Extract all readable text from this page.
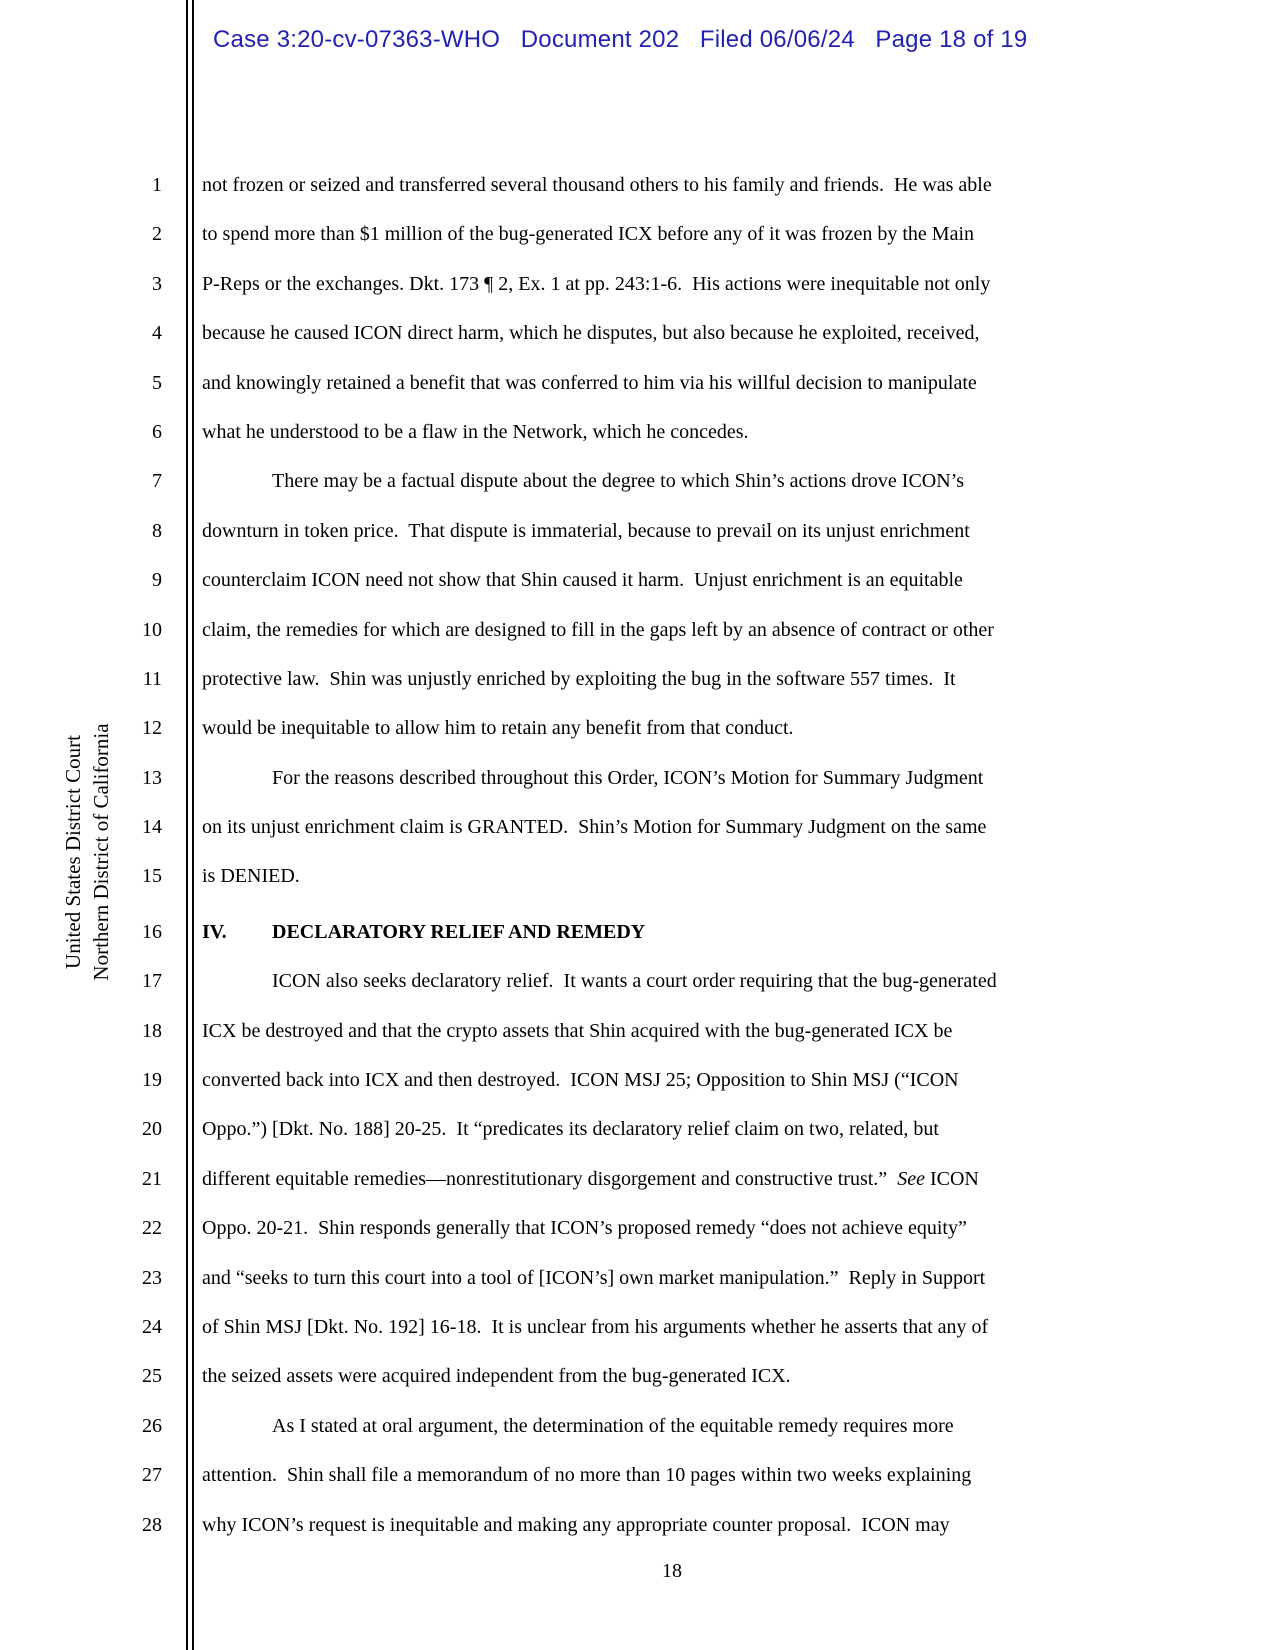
Case 3:20-cv-07363-WHO   Document 202   Filed 06/06/24   Page 18 of 19
United States District Court Northern District of California
1 not frozen or seized and transferred several thousand others to his family and friends.  He was able
2 to spend more than $1 million of the bug-generated ICX before any of it was frozen by the Main
3 P-Reps or the exchanges. Dkt. 173 ¶ 2, Ex. 1 at pp. 243:1-6.  His actions were inequitable not only
4 because he caused ICON direct harm, which he disputes, but also because he exploited, received,
5 and knowingly retained a benefit that was conferred to him via his willful decision to manipulate
6 what he understood to be a flaw in the Network, which he concedes.
7	There may be a factual dispute about the degree to which Shin’s actions drove ICON’s
8 downturn in token price.  That dispute is immaterial, because to prevail on its unjust enrichment
9 counterclaim ICON need not show that Shin caused it harm.  Unjust enrichment is an equitable
10 claim, the remedies for which are designed to fill in the gaps left by an absence of contract or other
11 protective law.  Shin was unjustly enriched by exploiting the bug in the software 557 times.  It
12 would be inequitable to allow him to retain any benefit from that conduct.
13	For the reasons described throughout this Order, ICON’s Motion for Summary Judgment
14 on its unjust enrichment claim is GRANTED.  Shin’s Motion for Summary Judgment on the same
15 is DENIED.
16 IV. DECLARATORY RELIEF AND REMEDY
17	ICON also seeks declaratory relief.  It wants a court order requiring that the bug-generated
18 ICX be destroyed and that the crypto assets that Shin acquired with the bug-generated ICX be
19 converted back into ICX and then destroyed.  ICON MSJ 25; Opposition to Shin MSJ (“ICON
20 Oppo.”) [Dkt. No. 188] 20-25.  It “predicates its declaratory relief claim on two, related, but
21 different equitable remedies—nonrestitutionary disgorgement and constructive trust.”  See ICON
22 Oppo. 20-21.  Shin responds generally that ICON’s proposed remedy “does not achieve equity”
23 and “seeks to turn this court into a tool of [ICON’s] own market manipulation.”  Reply in Support
24 of Shin MSJ [Dkt. No. 192] 16-18.  It is unclear from his arguments whether he asserts that any of
25 the seized assets were acquired independent from the bug-generated ICX.
26	As I stated at oral argument, the determination of the equitable remedy requires more
27 attention.  Shin shall file a memorandum of no more than 10 pages within two weeks explaining
28 why ICON’s request is inequitable and making any appropriate counter proposal.  ICON may
18
